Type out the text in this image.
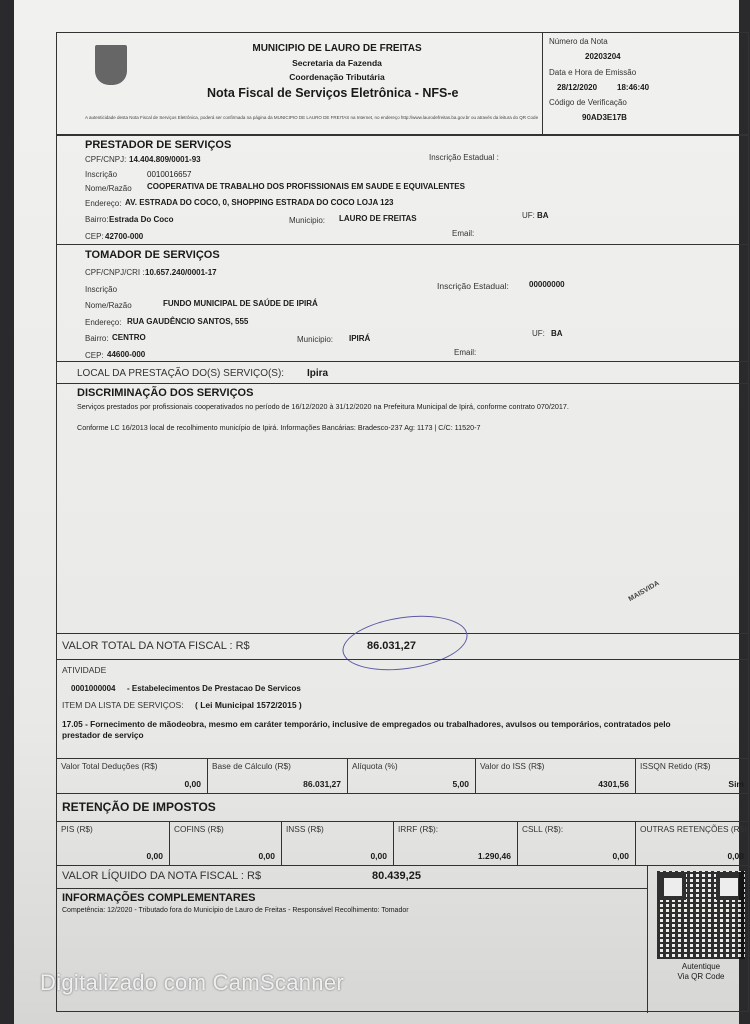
MUNICIPIO DE LAURO DE FREITAS
Secretaria da Fazenda
Coordenação Tributária
Nota Fiscal de Serviços Eletrônica - NFS-e
A autenticidade desta Nota Fiscal de Serviços Eletrônica, poderá ser confirmada na página da MUNICIPIO DE LAURO DE FREITAS na Internet, no endereço http://www.laurodefreitas.ba.gov.br ou através da leitura do QR Code
Número da Nota
20203204
Data e Hora de Emissão
28/12/2020 18:46:40
Código de Verificação
90AD3E17B
PRESTADOR DE SERVIÇOS
CPF/CNPJ: 14.404.809/0001-93	Inscrição Estadual :
Inscrição	0010016657
Nome/Razão COOPERATIVA DE TRABALHO DOS PROFISSIONAIS EM SAUDE E EQUIVALENTES
Endereço: AV. ESTRADA DO COCO, 0, SHOPPING ESTRADA DO COCO LOJA 123
Bairro: Estrada Do Coco	Municipio: LAURO DE FREITAS	UF: BA
CEP: 42700-000	Email:
TOMADOR DE SERVIÇOS
CPF/CNPJ/CRI : 10.657.240/0001-17
Inscrição	Inscrição Estadual:	00000000
Nome/Razão	FUNDO MUNICIPAL DE SAÚDE DE IPIRÁ
Endereço: RUA GAUDÊNCIO SANTOS, 555
Bairro: CENTRO	Municipio: IPIRÁ
UF: BA
CEP: 44600-000	Email:
LOCAL DA PRESTAÇÃO DO(S) SERVIÇO(S): Ipira
DISCRIMINAÇÃO DOS SERVIÇOS
Serviços prestados por profissionais cooperativados no período de 16/12/2020 à 31/12/2020 na Prefeitura Municipal de Ipirá, conforme contrato 070/2017.
Conforme LC 16/2013 local de recolhimento município de Ipirá. Informações Bancárias: Bradesco-237 Ag: 1173 | C/C: 11520-7
MAISVIDA
VALOR TOTAL DA NOTA FISCAL : R$	86.031,27
ATIVIDADE
0001000004 - Estabelecimentos De Prestacao De Servicos
ITEM DA LISTA DE SERVIÇOS: ( Lei Municipal 1572/2015 )
17.05 - Fornecimento de mãodeobra, mesmo em caráter temporário, inclusive de empregados ou trabalhadores, avulsos ou temporários, contratados pelo prestador de serviço
Valor Total Deduções (R$)
0,00
Base de Cálculo (R$)
86.031,27
Alíquota (%)
5,00
Valor do ISS (R$)
4301,56
ISSQN Retido (R$)
Sim
RETENÇÃO DE IMPOSTOS
PIS (R$)
0,00
COFINS (R$)
0,00
INSS (R$)
0,00
IRRF (R$):
1.290,46
CSLL (R$):
0,00
OUTRAS RETENÇÕES (R$)
0,00
VALOR LÍQUIDO DA NOTA FISCAL : R$	80.439,25
INFORMAÇÕES COMPLEMENTARES
Competência: 12/2020 - Tributado fora do Município de Lauro de Freitas - Responsável Recolhimento: Tomador
Autentique
Via QR Code
Digitalizado com CamScanner
